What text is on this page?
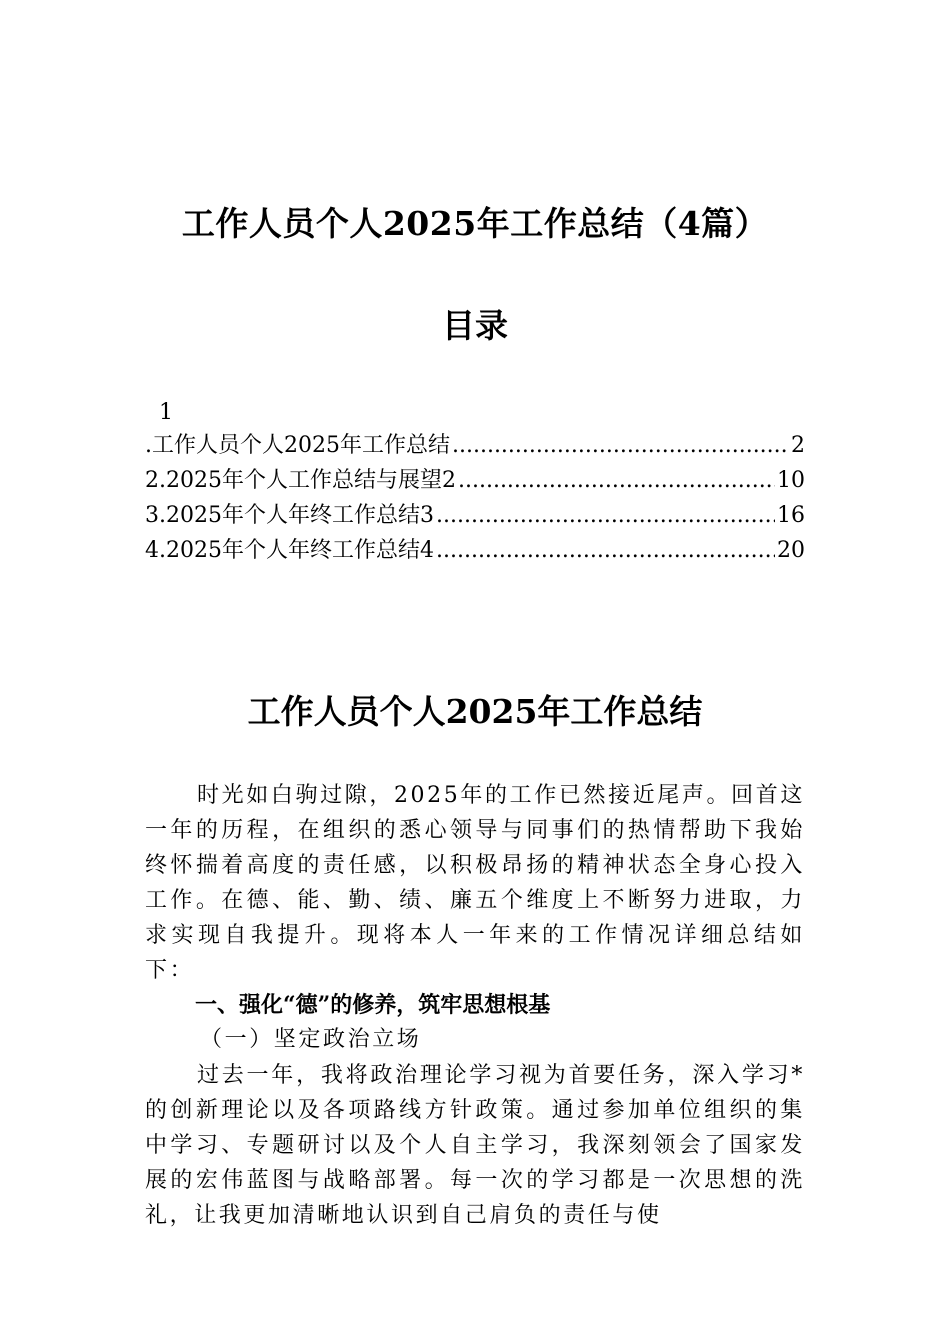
工作人员个人2025年工作总结（4篇）
目录
1
.工作人员个人2025年工作总结 .....	2
2.2025年个人工作总结与展望2 .....	10
3.2025年个人年终工作总结3 .....	16
4.2025年个人年终工作总结4 .....	20
工作人员个人2025年工作总结
时光如白驹过隙，2025年的工作已然接近尾声。回首这一年的历程，在组织的悉心领导与同事们的热情帮助下我始终怀揣着高度的责任感，以积极昂扬的精神状态全身心投入工作。在德、能、勤、绩、廉五个维度上不断努力进取，力求实现自我提升。现将本人一年来的工作情况详细总结如下：
一、强化“德”的修养，筑牢思想根基
（一）坚定政治立场
过去一年，我将政治理论学习视为首要任务，深入学习*的创新理论以及各项路线方针政策。通过参加单位组织的集中学习、专题研讨以及个人自主学习，我深刻领会了国家发展的宏伟蓝图与战略部署。每一次的学习都是一次思想的洗礼，让我更加清晰地认识到自己肩负的责任与使
